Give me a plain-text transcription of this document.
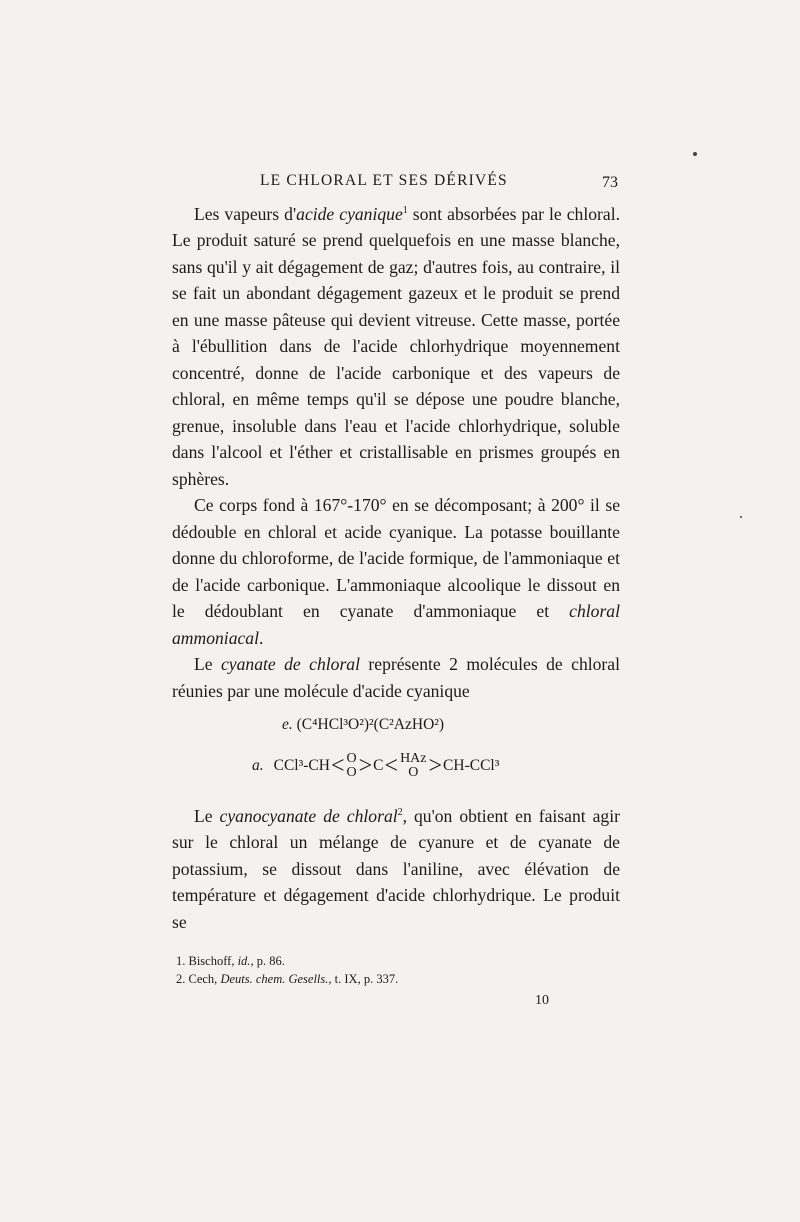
LE CHLORAL ET SES DÉRIVÉS	73

Les vapeurs d'acide cyanique$^1$ sont absorbées par le chloral. Le produit saturé se prend quelquefois en une masse blanche, sans qu'il y ait dégagement de gaz; d'autres fois, au contraire, il se fait un abondant dégagement gazeux et le produit se prend en une masse pâteuse qui devient vitreuse. Cette masse, portée à l'ébullition dans de l'acide chlorhydrique moyennement concentré, donne de l'acide carbonique et des vapeurs de chloral, en même temps qu'il se dépose une poudre blanche, grenue, insoluble dans l'eau et l'acide chlorhydrique, soluble dans l'alcool et l'éther et cristallisable en prismes groupés en sphères.

Ce corps fond à 167°-170° en se décomposant; à 200° il se dédouble en chloral et acide cyanique. La potasse bouillante donne du chloroforme, de l'acide formique, de l'ammoniaque et de l'acide carbonique. L'ammoniaque alcoolique le dissout en le dédoublant en cyanate d'ammoniaque et chloral ammoniacal.

Le cyanate de chloral représente 2 molécules de chloral réunies par une molécule d'acide cyanique

e. (C⁴HCl³O²)²(C²AzHO²)
a. CCl³-CH < O
O > C < HAz
O > CH-CCl³

Le cyanocyanate de chloral$^2$, qu'on obtient en faisant agir sur le chloral un mélange de cyanure et de cyanate de potassium, se dissout dans l'aniline, avec élévation de température et dégagement d'acide chlorhydrique. Le produit se

1. Bischoff, id., p. 86.

2. Cech, Deuts. chem. Gesells., t. IX, p. 337.

10
